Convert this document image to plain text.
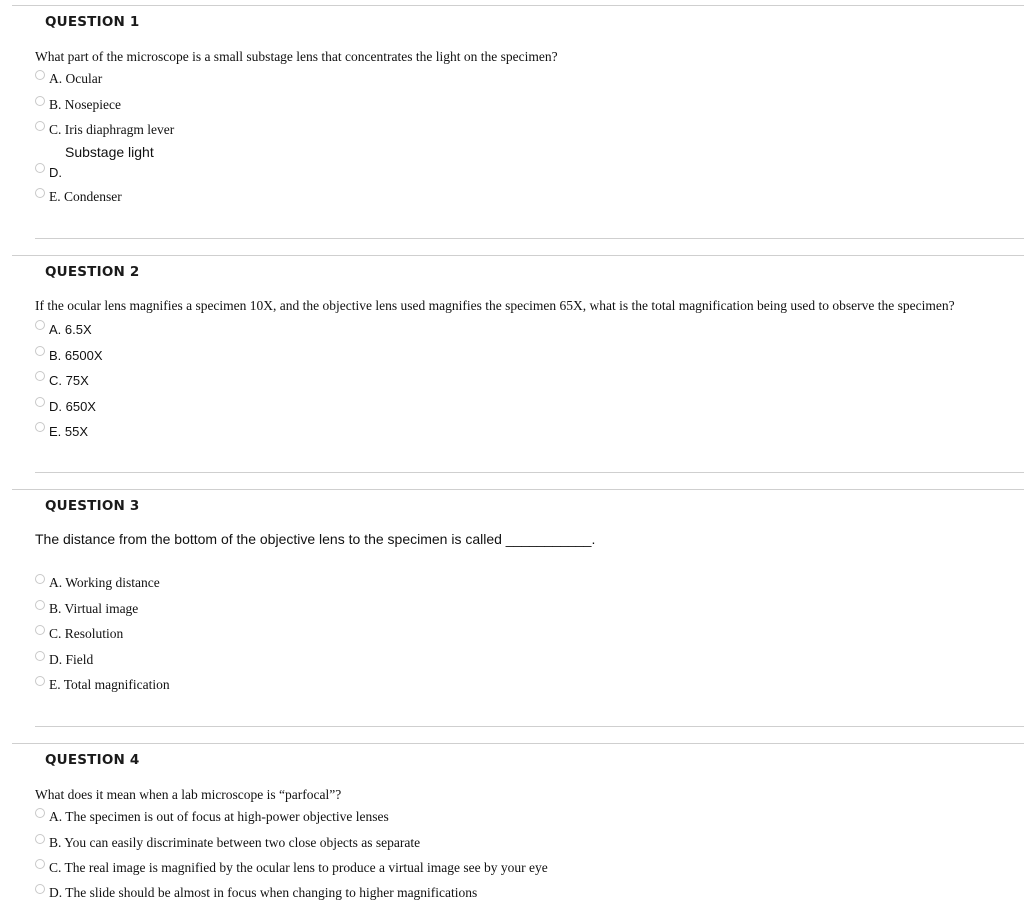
QUESTION 1
What part of the microscope is a small substage lens that concentrates the light on the specimen?
A. Ocular
B. Nosepiece
C. Iris diaphragm lever
Substage light
D.
E. Condenser
QUESTION 2
If the ocular lens magnifies a specimen 10X, and the objective lens used magnifies the specimen 65X, what is the total magnification being used to observe the specimen?
A. 6.5X
B. 6500X
C. 75X
D. 650X
E. 55X
QUESTION 3
The distance from the bottom of the objective lens to the specimen is called ___________.
A. Working distance
B. Virtual image
C. Resolution
D. Field
E. Total magnification
QUESTION 4
What does it mean when a lab microscope is “parfocal”?
A. The specimen is out of focus at high-power objective lenses
B. You can easily discriminate between two close objects as separate
C. The real image is magnified by the ocular lens to produce a virtual image see by your eye
D. The slide should be almost in focus when changing to higher magnifications
